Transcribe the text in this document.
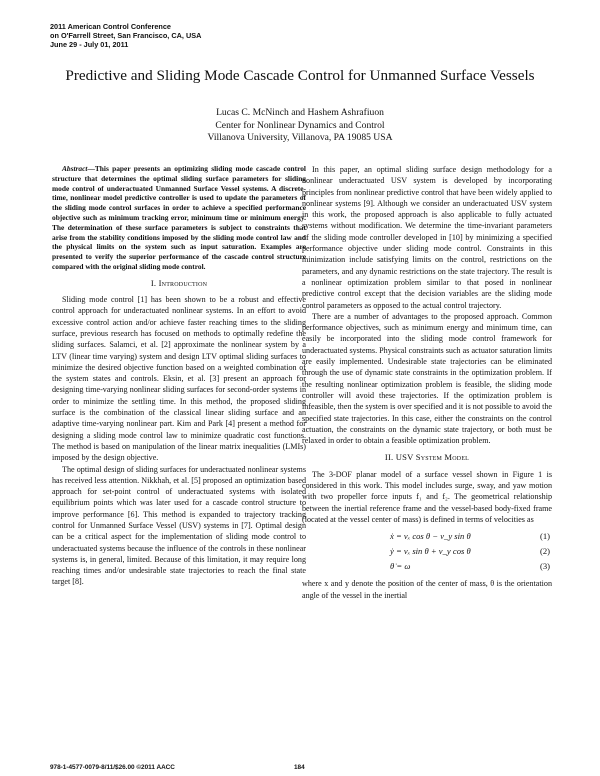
2011 American Control Conference
on O'Farrell Street, San Francisco, CA, USA
June 29 - July 01, 2011
Predictive and Sliding Mode Cascade Control for Unmanned Surface Vessels
Lucas C. McNinch and Hashem Ashrafiuon
Center for Nonlinear Dynamics and Control
Villanova University, Villanova, PA 19085 USA

Abstract—This paper presents an optimizing sliding mode cascade control structure that determines the optimal sliding surface parameters for sliding mode control of underactuated Unmanned Surface Vessel systems. A discrete-time, nonlinear model predictive controller is used to update the parameters of the sliding mode control surfaces in order to achieve a specified performance objective such as minimum tracking error, minimum time or minimum energy. The determination of these surface parameters is subject to constraints that arise from the stability conditions imposed by the sliding mode control law and the physical limits on the system such as input saturation. Examples are presented to verify the superior performance of the cascade control structure compared with the original sliding mode control.

I. Introduction

Sliding mode control [1] has been shown to be a robust and effective control approach for underactuated nonlinear systems. In an effort to avoid excessive control action and/or achieve faster reaching times to the sliding surface, previous research has focused on methods to optimally redefine the sliding surfaces. Salamci, et al. [2] approximate the nonlinear system by a LTV (linear time varying) system and design LTV optimal sliding surfaces to minimize the desired objective function based on a weighted combination of the system states and controls. Eksin, et al. [3] present an approach for designing time-varying nonlinear sliding surfaces for second-order systems in order to minimize the settling time. In this method, the proposed sliding surface is the combination of the classical linear sliding surface and an adaptive time-varying nonlinear part. Kim and Park [4] present a method for designing a sliding mode control law to minimize quadratic cost functions. The method is based on manipulation of the linear matrix inequalities (LMIs) imposed by the design objective.

The optimal design of sliding surfaces for underactuated nonlinear systems has received less attention. Nikkhah, et al. [5] proposed an optimization based approach for set-point control of underactuated systems with isolated equilibrium points which was later used for a cascade control structure to improve performance [6]. This method is expanded to trajectory tracking control for Unmanned Surface Vessel (USV) systems in [7]. Optimal design can be a critical aspect for the implementation of sliding mode control to underactuated systems because the influence of the controls in these nonlinear systems is, in general, limited. Because of this limitation, it may require long reaching times and/or undesirable state trajectories to reach the final state target [8].

In this paper, an optimal sliding surface design methodology for a nonlinear underactuated USV system is developed by incorporating principles from nonlinear predictive control that have been widely applied to nonlinear systems [9]. Although we consider an underactuated USV system in this work, the proposed approach is also applicable to fully actuated systems without modification. We determine the time-invariant parameters of the sliding mode controller developed in [10] by minimizing a specified performance objective under sliding mode control. Constraints in this minimization include satisfying limits on the control, restrictions on the parameters, and any dynamic restrictions on the state trajectory. The result is a nonlinear optimization problem similar to that posed in nonlinear predictive control except that the decision variables are the sliding mode control parameters as opposed to the actual control trajectory.

There are a number of advantages to the proposed approach. Common performance objectives, such as minimum energy and minimum time, can easily be incorporated into the sliding mode control framework for underactuated systems. Physical constraints such as actuator saturation limits are easily implemented. Undesirable state trajectories can be eliminated through the use of dynamic state constraints in the optimization problem. If the resulting nonlinear optimization problem is feasible, the sliding mode controller will avoid these trajectories. If the optimization problem is infeasible, then the system is over specified and it is not possible to avoid the specified state trajectories. In this case, either the constraints on the control actuation, the constraints on the dynamic state trajectory, or both must be relaxed in order to obtain a feasible optimization problem.

II. USV System Model

The 3-DOF planar model of a surface vessel shown in Figure 1 is considered in this work. This model includes surge, sway, and yaw motion with two propeller force inputs f₁ and f₂. The geometrical relationship between the inertial reference frame and the vessel-based body-fixed frame (located at the vessel center of mass) is defined in terms of velocities as

ẋ = vₓ cos θ − v_y sin θ	(1)
ẏ = vₓ sin θ + v_y cos θ	(2)
θ̇ = ω	(3)

where x and y denote the position of the center of mass, θ is the orientation angle of the vessel in the inertial

978-1-4577-0079-8/11/$26.00 ©2011 AACC	184
